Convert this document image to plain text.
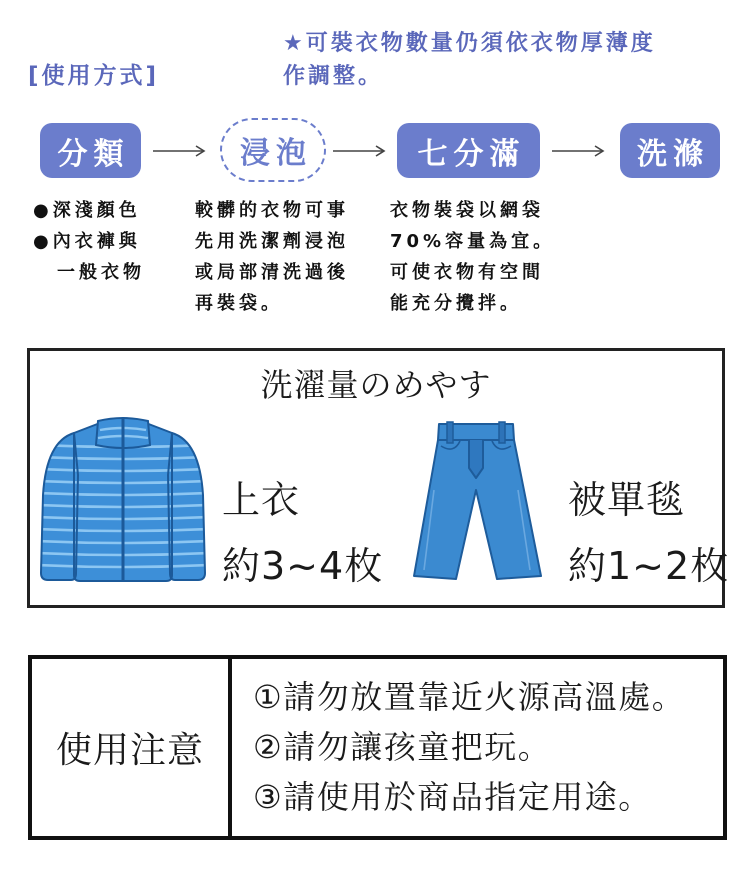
[使用方式]
★可裝衣物數量仍須依衣物厚薄度
作調整。
分類	浸泡	七分滿	洗滌
●深淺顏色
●內衣褲與
一般衣物
較髒的衣物可事
先用洗潔劑浸泡
或局部清洗過後
再裝袋。
衣物裝袋以網袋
70%容量為宜。
可使衣物有空間
能充分攪拌。
洗濯量のめやす
上衣
約3~4枚
被單毯
約1~2枚
使用注意
①請勿放置靠近火源高溫處。
②請勿讓孩童把玩。
③請使用於商品指定用途。
